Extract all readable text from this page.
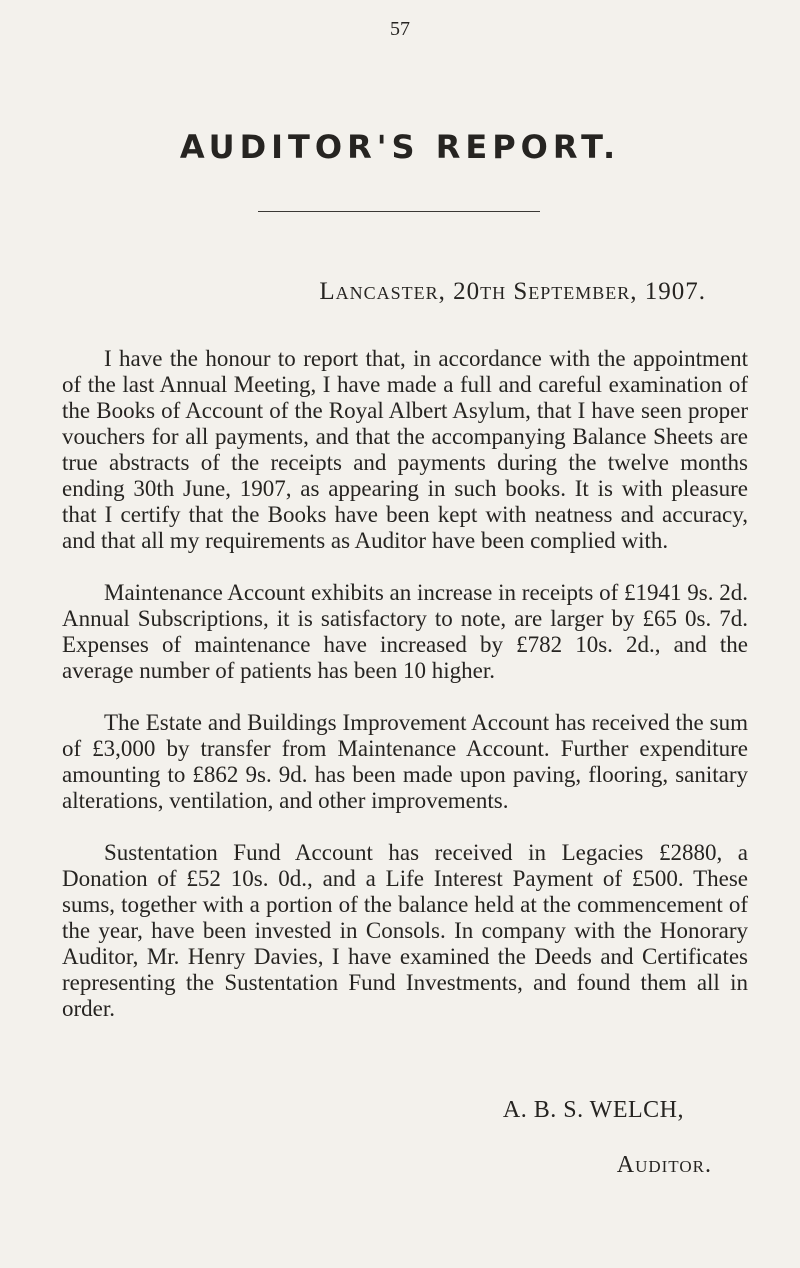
57
AUDITOR'S REPORT.
Lancaster, 20th September, 1907.

I have the honour to report that, in accordance with the appointment of the last Annual Meeting, I have made a full and careful examination of the Books of Account of the Royal Albert Asylum, that I have seen proper vouchers for all payments, and that the accompanying Balance Sheets are true abstracts of the receipts and payments during the twelve months ending 30th June, 1907, as appearing in such books. It is with pleasure that I certify that the Books have been kept with neatness and accuracy, and that all my requirements as Auditor have been complied with.

Maintenance Account exhibits an increase in receipts of £1941 9s. 2d. Annual Subscriptions, it is satisfactory to note, are larger by £65 0s. 7d. Expenses of maintenance have increased by £782 10s. 2d., and the average number of patients has been 10 higher.

The Estate and Buildings Improvement Account has received the sum of £3,000 by transfer from Maintenance Account. Further expenditure amounting to £862 9s. 9d. has been made upon paving, flooring, sanitary alterations, ventilation, and other improvements.

Sustentation Fund Account has received in Legacies £2880, a Donation of £52 10s. 0d., and a Life Interest Payment of £500. These sums, together with a portion of the balance held at the commencement of the year, have been invested in Consols. In company with the Honorary Auditor, Mr. Henry Davies, I have examined the Deeds and Certificates representing the Sustentation Fund Investments, and found them all in order.

A. B. S. WELCH,
Auditor.
